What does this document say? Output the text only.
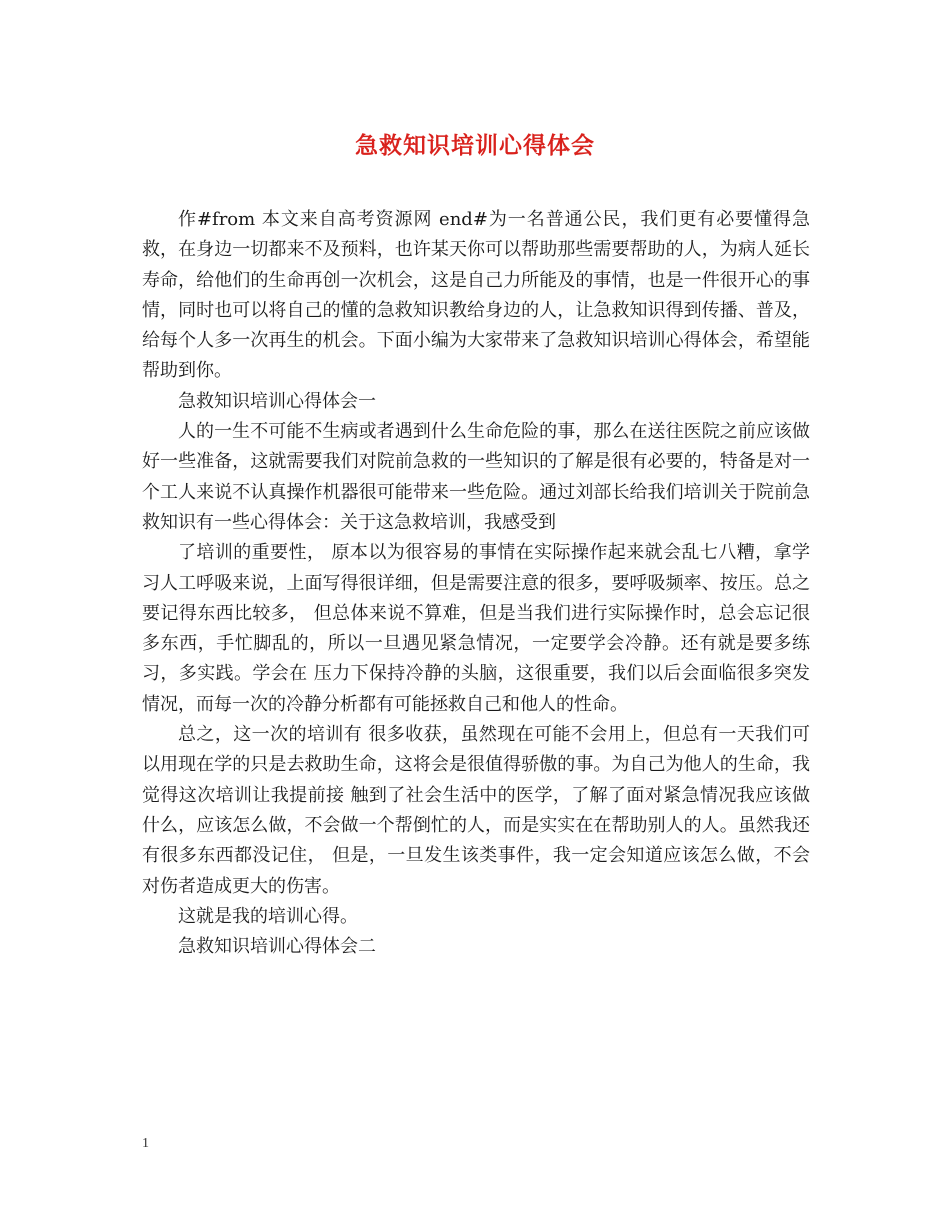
急救知识培训心得体会

作#from 本文来自高考资源网 end#为一名普通公民，我们更有必要懂得急救，在身边一切都来不及预料，也许某天你可以帮助那些需要帮助的人，为病人延长寿命，给他们的生命再创一次机会，这是自己力所能及的事情，也是一件很开心的事情，同时也可以将自己的懂的急救知识教给身边的人，让急救知识得到传播、普及，给每个人多一次再生的机会。下面小编为大家带来了急救知识培训心得体会，希望能帮助到你。

急救知识培训心得体会一

人的一生不可能不生病或者遇到什么生命危险的事，那么在送往医院之前应该做好一些准备，这就需要我们对院前急救的一些知识的了解是很有必要的，特备是对一个工人来说不认真操作机器很可能带来一些危险。通过刘部长给我们培训关于院前急救知识有一些心得体会：关于这急救培训，我感受到

了培训的重要性， 原本以为很容易的事情在实际操作起来就会乱七八糟，拿学习人工呼吸来说，上面写得很详细，但是需要注意的很多，要呼吸频率、按压。总之要记得东西比较多， 但总体来说不算难，但是当我们进行实际操作时，总会忘记很多东西，手忙脚乱的，所以一旦遇见紧急情况，一定要学会冷静。还有就是要多练习，多实践。学会在 压力下保持冷静的头脑，这很重要，我们以后会面临很多突发情况，而每一次的冷静分析都有可能拯救自己和他人的性命。

总之，这一次的培训有 很多收获，虽然现在可能不会用上，但总有一天我们可以用现在学的只是去救助生命，这将会是很值得骄傲的事。为自己为他人的生命，我觉得这次培训让我提前接 触到了社会生活中的医学，了解了面对紧急情况我应该做什么，应该怎么做，不会做一个帮倒忙的人，而是实实在在帮助别人的人。虽然我还有很多东西都没记住， 但是，一旦发生该类事件，我一定会知道应该怎么做，不会对伤者造成更大的伤害。

这就是我的培训心得。

急救知识培训心得体会二

1
